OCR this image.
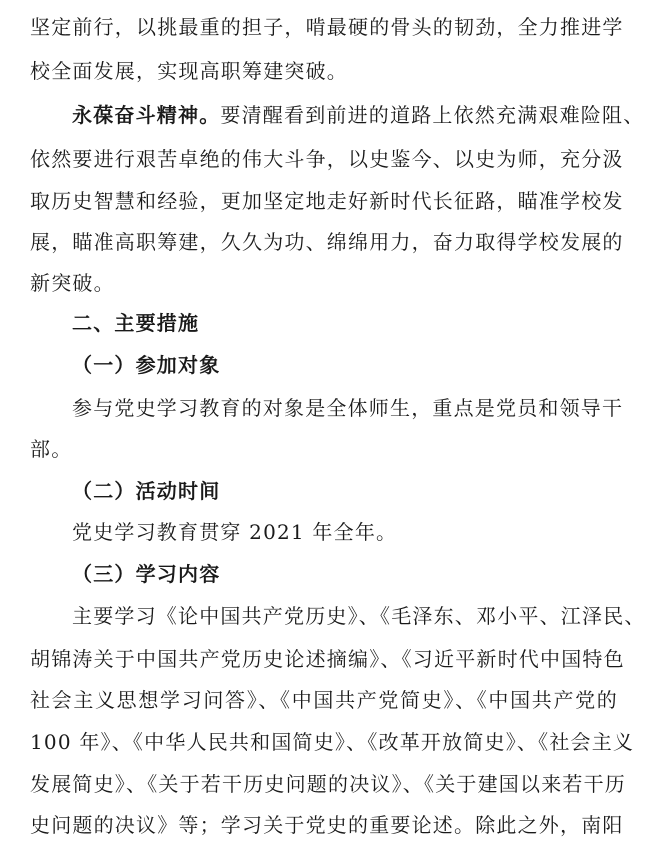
坚定前行，以挑最重的担子，啃最硬的骨头的韧劲，全力推进学
校全面发展，实现高职筹建突破。
永葆奋斗精神。要清醒看到前进的道路上依然充满艰难险阻、
依然要进行艰苦卓绝的伟大斗争，以史鉴今、以史为师，充分汲
取历史智慧和经验，更加坚定地走好新时代长征路，瞄准学校发
展，瞄准高职筹建，久久为功、绵绵用力，奋力取得学校发展的
新突破。
二、主要措施
（一）参加对象
参与党史学习教育的对象是全体师生，重点是党员和领导干
部。
（二）活动时间
党史学习教育贯穿 2021 年全年。
（三）学习内容
主要学习《论中国共产党历史》、《毛泽东、邓小平、江泽民、
胡锦涛关于中国共产党历史论述摘编》、《习近平新时代中国特色
社会主义思想学习问答》、《中国共产党简史》、《中国共产党的
100 年》、《中华人民共和国简史》、《改革开放简史》、《社会主义
发展简史》、《关于若干历史问题的决议》、《关于建国以来若干历
史问题的决议》等；学习关于党史的重要论述。除此之外，南阳
